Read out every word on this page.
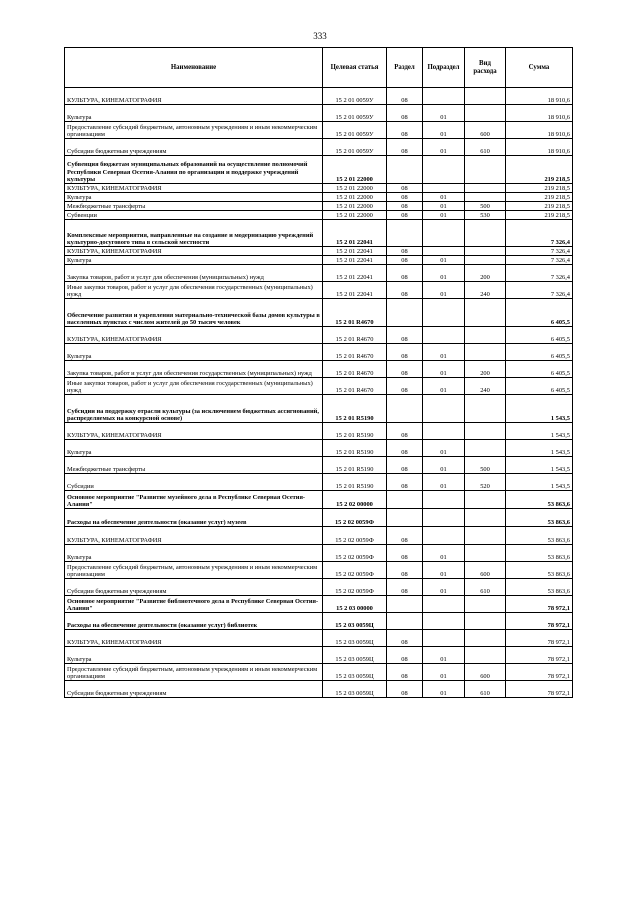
333
Наименование	Целевая статья	Раздел	Подраздел	Вид расхода	Сумма
КУЛЬТУРА, КИНЕМАТОГРАФИЯ	15 2 01 0059У	08			18 910,6
Культура	15 2 01 0059У	08	01		18 910,6
Предоставление субсидий бюджетным, автономным учреждениям и иным некоммерческим организациям	15 2 01 0059У	08	01	600	18 910,6
Субсидии бюджетным учреждениям	15 2 01 0059У	08	01	610	18 910,6
Субвенция бюджетам муниципальных образований на осуществление полномочий Республики Северная Осетия-Алания по организации и поддержке учреждений культуры	15 2 01 22000				219 218,5
КУЛЬТУРА, КИНЕМАТОГРАФИЯ	15 2 01 22000	08			219 218,5
Культура	15 2 01 22000	08	01		219 218,5
Межбюджетные трансферты	15 2 01 22000	08	01	500	219 218,5
Субвенции	15 2 01 22000	08	01	530	219 218,5
Комплексные мероприятия, направленные на создание и модернизацию учреждений культурно-досугового типа в сельской местности	15 2 01 22041				7 326,4
КУЛЬТУРА, КИНЕМАТОГРАФИЯ	15 2 01 22041	08			7 326,4
Культура	15 2 01 22041	08	01		7 326,4
Закупка товаров, работ и услуг для обеспечения (муниципальных) нужд	15 2 01 22041	08	01	200	7 326,4
Иные закупки товаров, работ и услуг для обеспечения государственных (муниципальных) нужд	15 2 01 22041	08	01	240	7 326,4
Обеспечение развития и укрепления материально-технической базы домов культуры в населенных пунктах с числом жителей до 50 тысяч человек	15 2 01 R4670				6 405,5
КУЛЬТУРА, КИНЕМАТОГРАФИЯ	15 2 01 R4670	08			6 405,5
Культура	15 2 01 R4670	08	01		6 405,5
Закупка товаров, работ и услуг для обеспечения государственных (муниципальных) нужд	15 2 01 R4670	08	01	200	6 405,5
Иные закупки товаров, работ и услуг для обеспечения государственных (муниципальных) нужд	15 2 01 R4670	08	01	240	6 405,5
Субсидии на поддержку отрасли культуры (за исключением бюджетных ассигнований, распределяемых на конкурсной основе)	15 2 01 R5190				1 543,5
КУЛЬТУРА, КИНЕМАТОГРАФИЯ	15 2 01 R5190	08			1 543,5
Культура	15 2 01 R5190	08	01		1 543,5
Межбюджетные трансферты	15 2 01 R5190	08	01	500	1 543,5
Субсидии	15 2 01 R5190	08	01	520	1 543,5
Основное мероприятие "Развитие музейного дела в Республике Северная Осетия-Алания"	15 2 02 00000				53 863,6
Расходы на обеспечение деятельности (оказание услуг) музеев	15 2 02 0059Ф				53 863,6
КУЛЬТУРА, КИНЕМАТОГРАФИЯ	15 2 02 0059Ф	08			53 863,6
Культура	15 2 02 0059Ф	08	01		53 863,6
Предоставление субсидий бюджетным, автономным учреждениям и иным некоммерческим организациям	15 2 02 0059Ф	08	01	600	53 863,6
Субсидии бюджетным учреждениям	15 2 02 0059Ф	08	01	610	53 863,6
Основное мероприятие "Развитие библиотечного дела в Республике Северная Осетия-Алания"	15 2 03 00000				78 972,1
Расходы на обеспечение деятельности (оказание услуг) библиотек	15 2 03 0059Ц				78 972,1
КУЛЬТУРА, КИНЕМАТОГРАФИЯ	15 2 03 0059Ц	08			78 972,1
Культура	15 2 03 0059Ц	08	01		78 972,1
Предоставление субсидий бюджетным, автономным учреждениям и иным некоммерческим организациям	15 2 03 0059Ц	08	01	600	78 972,1
Субсидии бюджетным учреждениям	15 2 03 0059Ц	08	01	610	78 972,1
